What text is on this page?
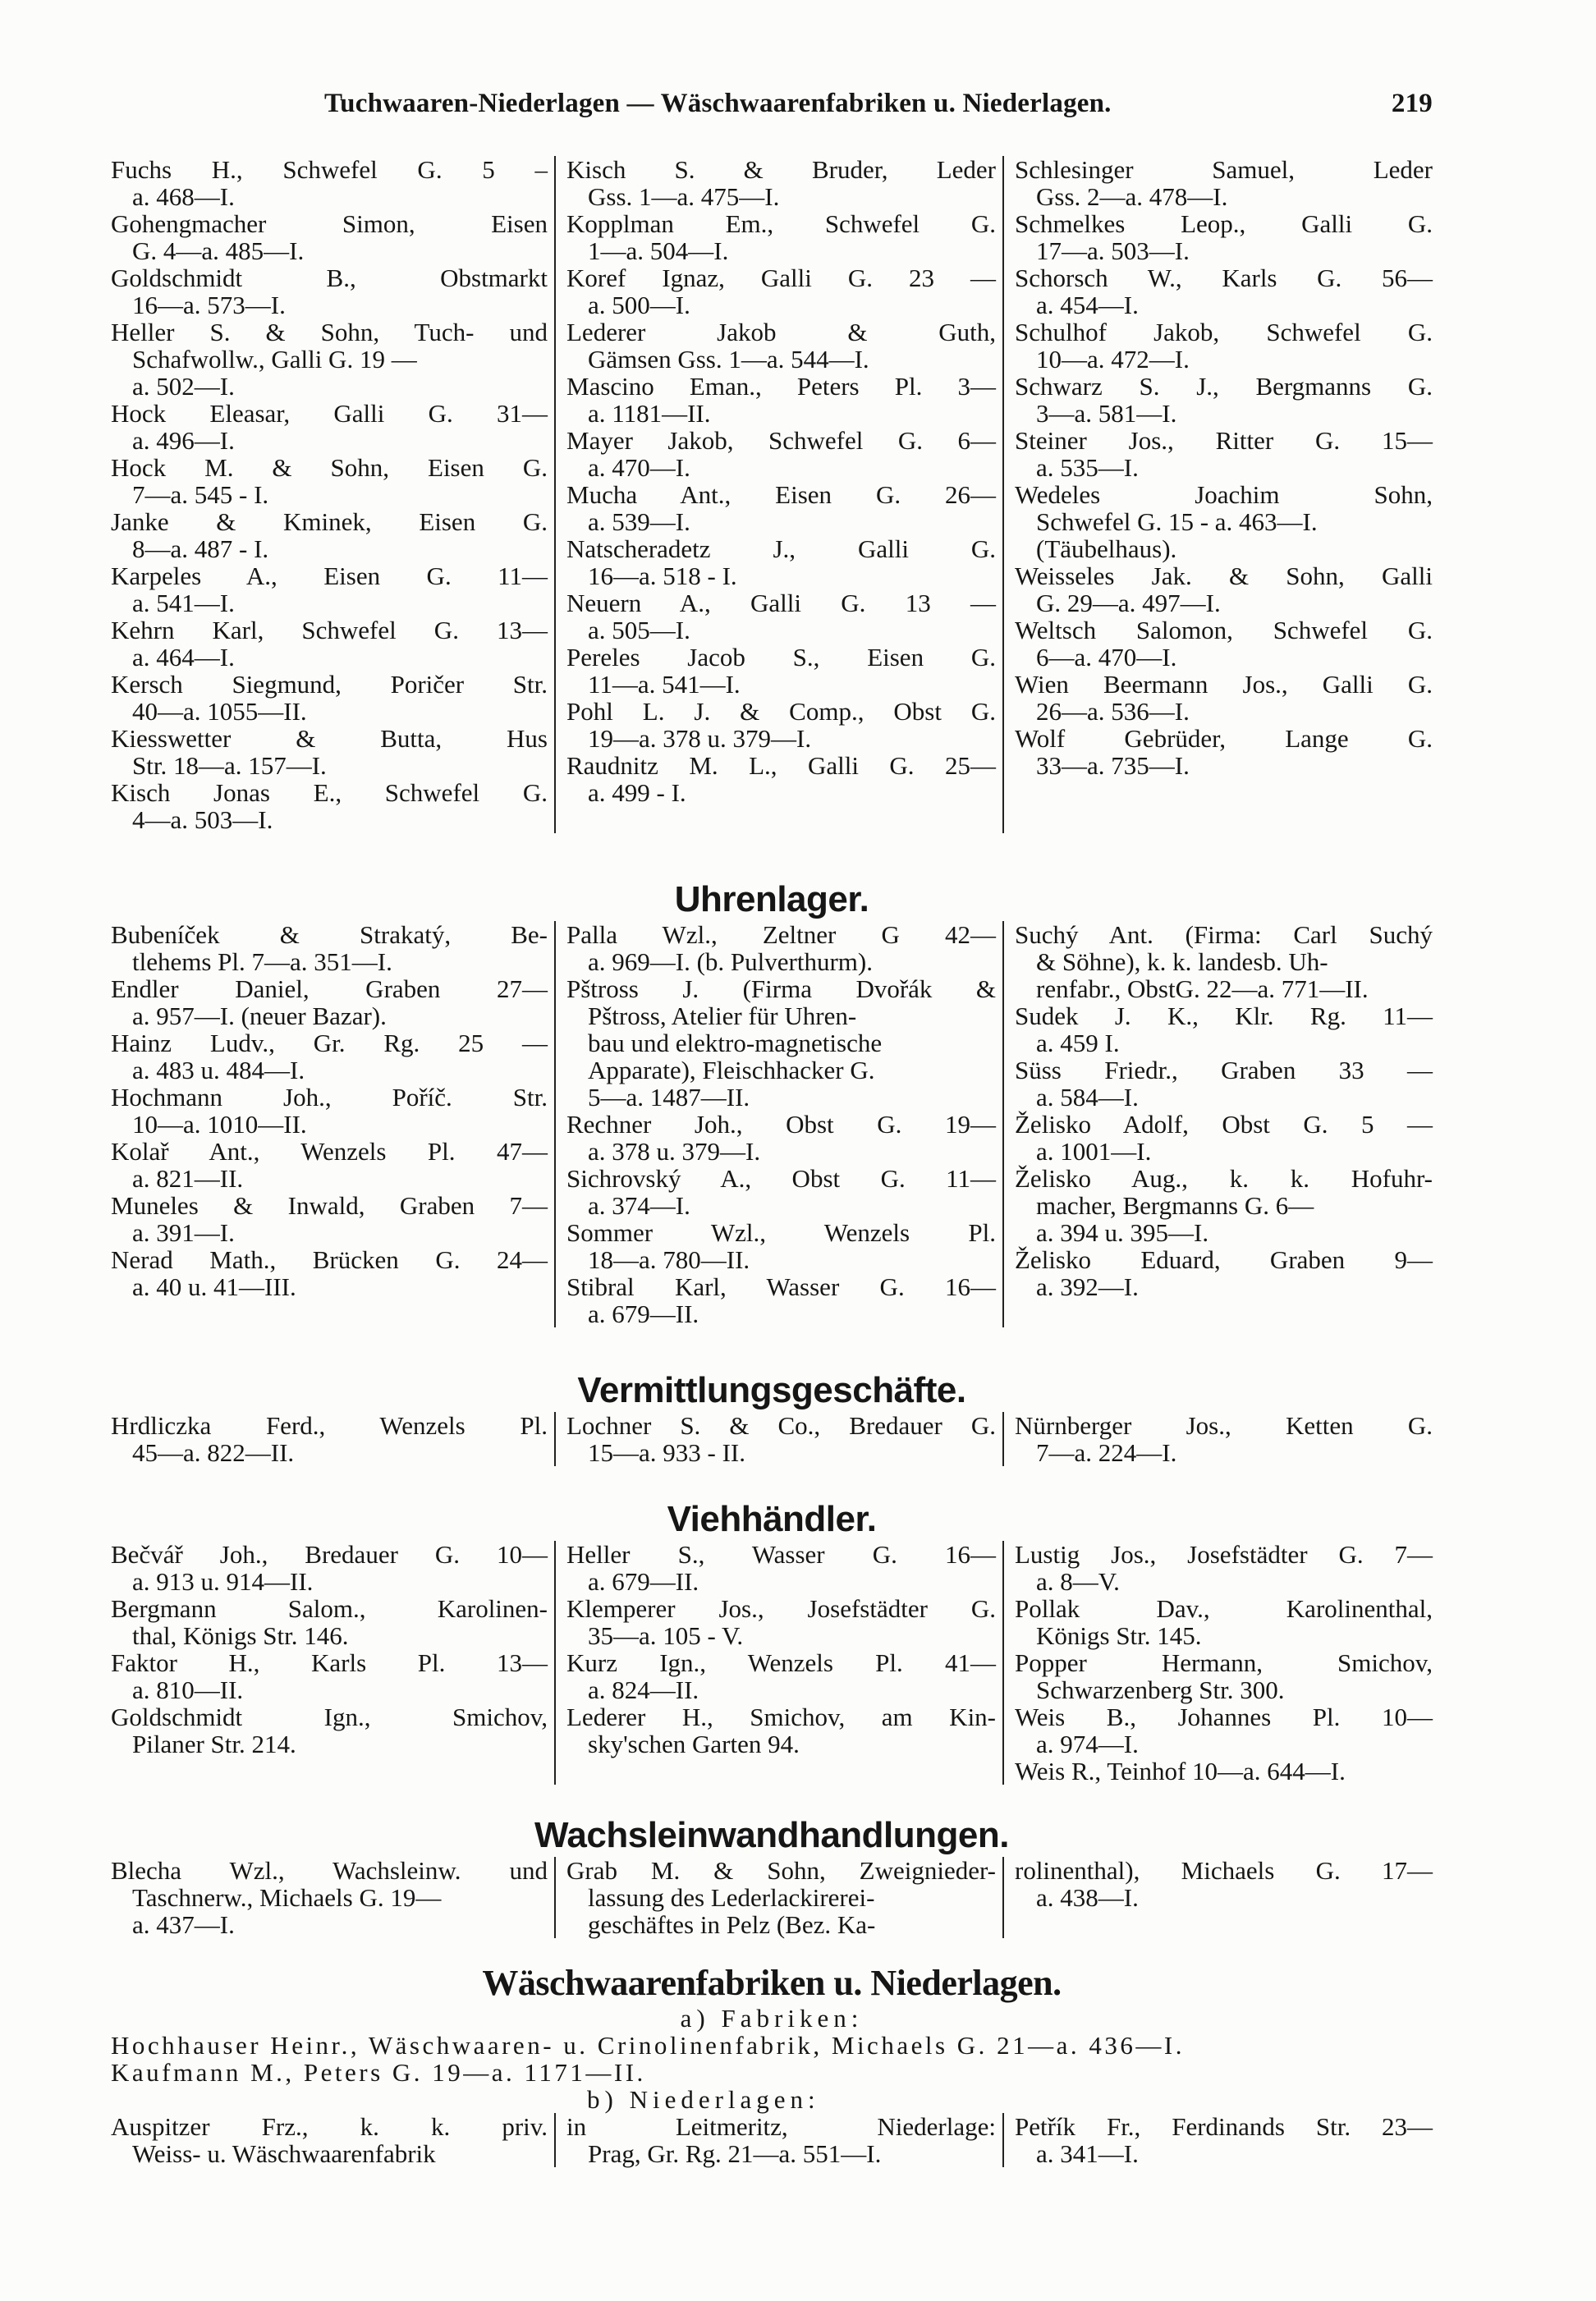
Tuchwaaren-Niederlagen — Wäschwaarenfabriken u. Niederlagen.	219

Fuchs H., Schwefel G. 5 –
a. 468—I.

Gohengmacher Simon, Eisen
G. 4—a. 485—I.

Goldschmidt B., Obstmarkt
16—a. 573—I.

Heller S. & Sohn, Tuch- und
Schafwollw., Galli G. 19 —
a. 502—I.

Hock Eleasar, Galli G. 31—
a. 496—I.

Hock M. & Sohn, Eisen G.
7—a. 545 - I.

Janke & Kminek, Eisen G.
8—a. 487 - I.

Karpeles A., Eisen G. 11—
a. 541—I.

Kehrn Karl, Schwefel G. 13—
a. 464—I.

Kersch Siegmund, Poričer Str.
40—a. 1055—II.

Kiesswetter & Butta, Hus
Str. 18—a. 157—I.

Kisch Jonas E., Schwefel G.
4—a. 503—I.

Kisch S. & Bruder, Leder
Gss. 1—a. 475—I.

Kopplman Em., Schwefel G.
1—a. 504—I.

Koref Ignaz, Galli G. 23 —
a. 500—I.

Lederer Jakob & Guth,
Gämsen Gss. 1—a. 544—I.

Mascino Eman., Peters Pl. 3—
a. 1181—II.

Mayer Jakob, Schwefel G. 6—
a. 470—I.

Mucha Ant., Eisen G. 26—
a. 539—I.

Natscheradetz J., Galli G.
16—a. 518 - I.

Neuern A., Galli G. 13 —
a. 505—I.

Pereles Jacob S., Eisen G.
11—a. 541—I.

Pohl L. J. & Comp., Obst G.
19—a. 378 u. 379—I.

Raudnitz M. L., Galli G. 25—
a. 499 - I.

Schlesinger Samuel, Leder
Gss. 2—a. 478—I.

Schmelkes Leop., Galli G.
17—a. 503—I.

Schorsch W., Karls G. 56—
a. 454—I.

Schulhof Jakob, Schwefel G.
10—a. 472—I.

Schwarz S. J., Bergmanns G.
3—a. 581—I.

Steiner Jos., Ritter G. 15—
a. 535—I.

Wedeles Joachim Sohn,
Schwefel G. 15 - a. 463—I.
(Täubelhaus).

Weisseles Jak. & Sohn, Galli
G. 29—a. 497—I.

Weltsch Salomon, Schwefel G.
6—a. 470—I.

Wien Beermann Jos., Galli G.
26—a. 536—I.

Wolf Gebrüder, Lange G.
33—a. 735—I.

Uhrenlager.

Bubeníček & Strakatý, Be-
tlehems Pl. 7—a. 351—I.

Endler Daniel, Graben 27—
a. 957—I. (neuer Bazar).

Hainz Ludv., Gr. Rg. 25 —
a. 483 u. 484—I.

Hochmann Joh., Poříč. Str.
10—a. 1010—II.

Kolař Ant., Wenzels Pl. 47—
a. 821—II.

Muneles & Inwald, Graben 7—
a. 391—I.

Nerad Math., Brücken G. 24—
a. 40 u. 41—III.

Palla Wzl., Zeltner G 42—
a. 969—I. (b. Pulverthurm).

Pštross J. (Firma Dvořák &
Pštross, Atelier für Uhren-
bau und elektro-magnetische
Apparate), Fleischhacker G.
5—a. 1487—II.

Rechner Joh., Obst G. 19—
a. 378 u. 379—I.

Sichrovský A., Obst G. 11—
a. 374—I.

Sommer Wzl., Wenzels Pl.
18—a. 780—II.

Stibral Karl, Wasser G. 16—
a. 679—II.

Suchý Ant. (Firma: Carl Suchý
& Söhne), k. k. landesb. Uh-
renfabr., ObstG. 22—a. 771—II.

Sudek J. K., Klr. Rg. 11—
a. 459 I.

Süss Friedr., Graben 33 —
a. 584—I.

Želisko Adolf, Obst G. 5 —
a. 1001—I.

Želisko Aug., k. k. Hofuhr-
macher, Bergmanns G. 6—
a. 394 u. 395—I.

Želisko Eduard, Graben 9—
a. 392—I.

Vermittlungsgeschäfte.

Hrdliczka Ferd., Wenzels Pl.
45—a. 822—II.

Lochner S. & Co., Bredauer G.
15—a. 933 - II.

Nürnberger Jos., Ketten G.
7—a. 224—I.

Viehhändler.

Bečvář Joh., Bredauer G. 10—
a. 913 u. 914—II.

Bergmann Salom., Karolinen-
thal, Königs Str. 146.

Faktor H., Karls Pl. 13—
a. 810—II.

Goldschmidt Ign., Smichov,
Pilaner Str. 214.

Heller S., Wasser G. 16—
a. 679—II.

Klemperer Jos., Josefstädter G.
35—a. 105 - V.

Kurz Ign., Wenzels Pl. 41—
a. 824—II.

Lederer H., Smichov, am Kin-
sky'schen Garten 94.

Lustig Jos., Josefstädter G. 7—
a. 8—V.

Pollak Dav., Karolinenthal,
Königs Str. 145.

Popper Hermann, Smichov,
Schwarzenberg Str. 300.

Weis B., Johannes Pl. 10—
a. 974—I.

Weis R., Teinhof 10—a. 644—I.

Wachsleinwandhandlungen.

Blecha Wzl., Wachsleinw. und
Taschnerw., Michaels G. 19—
a. 437—I.

Grab M. & Sohn, Zweignieder-
lassung des Lederlackirerei-
geschäftes in Pelz (Bez. Ka-

rolinenthal), Michaels G. 17—
a. 438—I.

Wäschwaarenfabriken u. Niederlagen.
a) Fabriken:
Hochhauser Heinr., Wäschwaaren- u. Crinolinenfabrik, Michaels G. 21—a. 436—I.
Kaufmann M., Peters G. 19—a. 1171—II.
b) Niederlagen:

Auspitzer Frz., k. k. priv.
Weiss- u. Wäschwaarenfabrik

in Leitmeritz, Niederlage:
Prag, Gr. Rg. 21—a. 551—I.

Petřík Fr., Ferdinands Str. 23—
a. 341—I.
